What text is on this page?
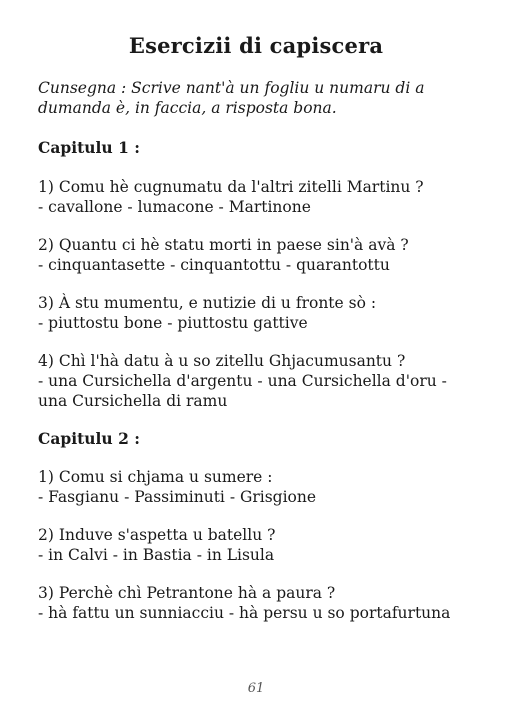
Esercizii di capiscera
Cunsegna : Scrive nant'à un fogliu u numaru di a dumanda è, in faccia, a risposta bona.
Capitulu 1 :
1) Comu hè cugnumatu da l'altri zitelli Martinu ?
- cavallone - lumacone - Martinone
2) Quantu ci hè statu morti in paese sin'à avà ?
- cinquantasette - cinquantottu - quarantottu
3) À stu mumentu, e nutizie di u fronte sò :
- piuttostu bone - piuttostu gattive
4) Chì l'hà datu à u so zitellu Ghjacumusantu ?
- una Cursichella d'argentu - una Cursichella d'oru - una Cursichella di ramu
Capitulu 2 :
1) Comu si chjama u sumere :
- Fasgianu - Passiminuti - Grisgione
2) Induve s'aspetta u batellu ?
- in Calvi - in Bastia - in Lisula
3) Perchè chì Petrantone hà a paura ?
- hà fattu un sunniacciu - hà persu u so portafurtuna
61
